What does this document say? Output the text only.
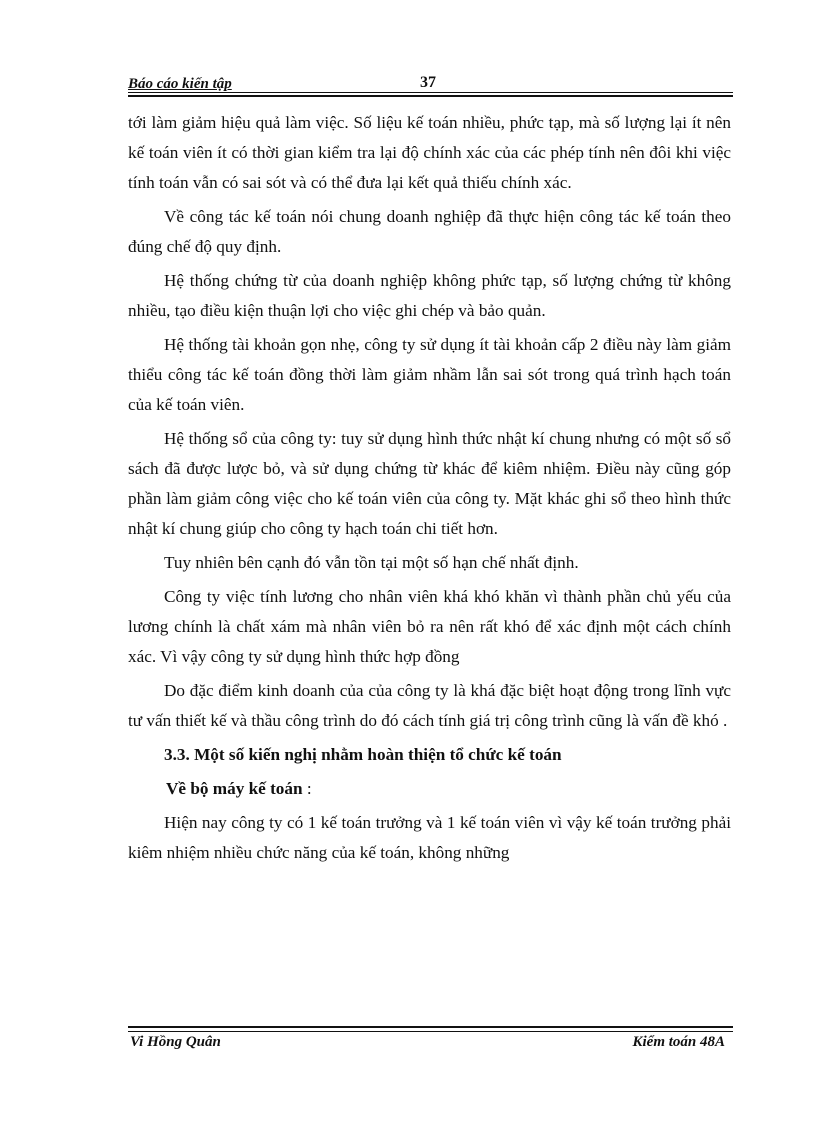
Báo cáo kiến tập	37

tới làm giảm hiệu quả làm việc. Số liệu kế toán nhiều, phức tạp, mà số lượng lại ít nên kế toán viên ít có thời gian kiểm tra lại độ chính xác của các phép tính nên đôi khi việc tính toán vẫn có sai sót và có thể đưa lại kết quả thiếu chính xác.

Về công tác kế toán nói chung doanh nghiệp đã thực hiện công tác kế toán theo đúng chế độ quy định.

Hệ thống chứng từ của doanh nghiệp không phức tạp, số lượng chứng từ không nhiều, tạo điều kiện thuận lợi cho việc ghi chép và bảo quản.

Hệ thống tài khoản gọn nhẹ, công ty sử dụng ít tài khoản cấp 2 điều này làm giảm thiểu công tác kế toán đồng thời làm giảm nhầm lẫn sai sót trong quá trình hạch toán của kế toán viên.

Hệ thống sổ của công ty: tuy sử dụng hình thức nhật kí chung nhưng có một số sổ sách đã được lược bỏ, và sử dụng chứng từ khác để kiêm nhiệm. Điều này cũng góp phần làm giảm công việc cho kế toán viên của công ty. Mặt khác ghi sổ theo hình thức nhật kí chung giúp cho công ty hạch toán chi tiết hơn.

Tuy nhiên bên cạnh đó vẫn tồn tại một số hạn chế nhất định.

Công ty việc tính lương cho nhân viên khá khó khăn vì thành phần chủ yếu của lương chính là chất xám mà nhân viên bỏ ra nên rất khó để xác định một cách chính xác. Vì vậy công ty sử dụng hình thức hợp đồng

Do đặc điểm kinh doanh của của công ty là khá đặc biệt hoạt động trong lĩnh vực tư vấn thiết kế và thầu công trình do đó cách tính giá trị công trình cũng là vấn đề khó .

3.3. Một số kiến nghị nhằm hoàn thiện tổ chức kế toán

Về bộ máy kế toán :

Hiện nay công ty có 1 kế toán trưởng và 1 kế toán viên vì vậy kế toán trưởng phải kiêm nhiệm nhiều chức năng của kế toán, không những

Vi Hồng Quân	Kiểm toán 48A
